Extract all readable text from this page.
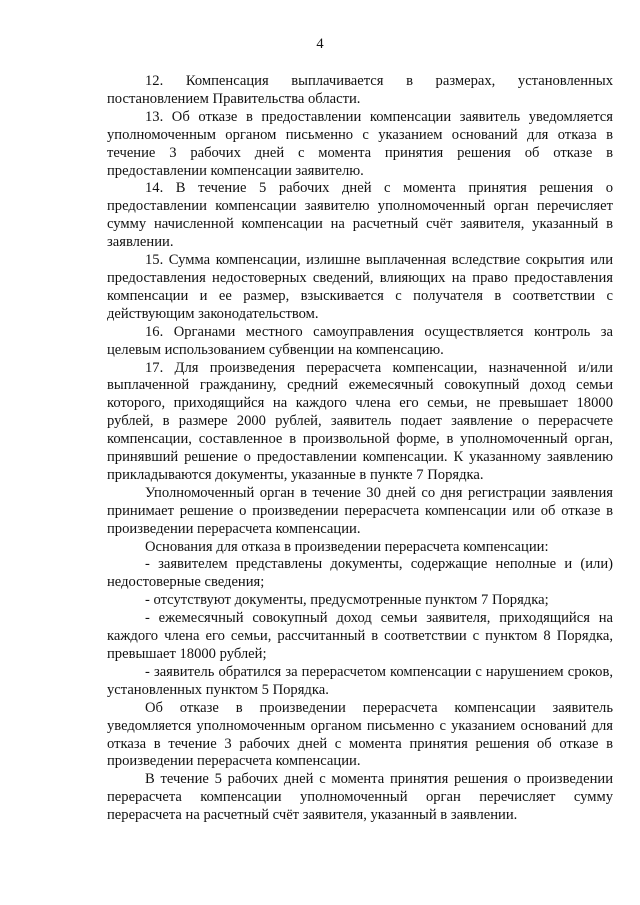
4

12. Компенсация выплачивается в размерах, установленных постановлением Правительства области.

13. Об отказе в предоставлении компенсации заявитель уведомляется уполномоченным органом письменно с указанием оснований для отказа в течение 3 рабочих дней с момента принятия решения об отказе в предоставлении компенсации заявителю.

14. В течение 5 рабочих дней с момента принятия решения о предоставлении компенсации заявителю уполномоченный орган перечисляет сумму начисленной компенсации на расчетный счёт заявителя, указанный в заявлении.

15. Сумма компенсации, излишне выплаченная вследствие сокрытия или предоставления недостоверных сведений, влияющих на право предоставления компенсации и ее размер, взыскивается с получателя в соответствии с действующим законодательством.

16. Органами местного самоуправления осуществляется контроль за целевым использованием субвенции на компенсацию.

17. Для произведения перерасчета компенсации, назначенной и/или выплаченной гражданину, средний ежемесячный совокупный доход семьи которого, приходящийся на каждого члена его семьи, не превышает 18000 рублей, в размере 2000 рублей, заявитель подает заявление о перерасчете компенсации, составленное в произвольной форме, в уполномоченный орган, принявший решение о предоставлении компенсации. К указанному заявлению прикладываются документы, указанные в пункте 7 Порядка.

Уполномоченный орган в течение 30 дней со дня регистрации заявления принимает решение о произведении перерасчета компенсации или об отказе в произведении перерасчета компенсации.

Основания для отказа в произведении перерасчета компенсации:

- заявителем представлены документы, содержащие неполные и (или) недостоверные сведения;

- отсутствуют документы, предусмотренные пунктом 7 Порядка;

- ежемесячный совокупный доход семьи заявителя, приходящийся на каждого члена его семьи, рассчитанный в соответствии с пунктом 8 Порядка, превышает 18000 рублей;

- заявитель обратился за перерасчетом компенсации с нарушением сроков, установленных пунктом 5 Порядка.

Об отказе в произведении перерасчета компенсации заявитель уведомляется уполномоченным органом письменно с указанием оснований для отказа в течение 3 рабочих дней с момента принятия решения об отказе в произведении перерасчета компенсации.

В течение 5 рабочих дней с момента принятия решения о произведении перерасчета компенсации уполномоченный орган перечисляет сумму перерасчета на расчетный счёт заявителя, указанный в заявлении.
